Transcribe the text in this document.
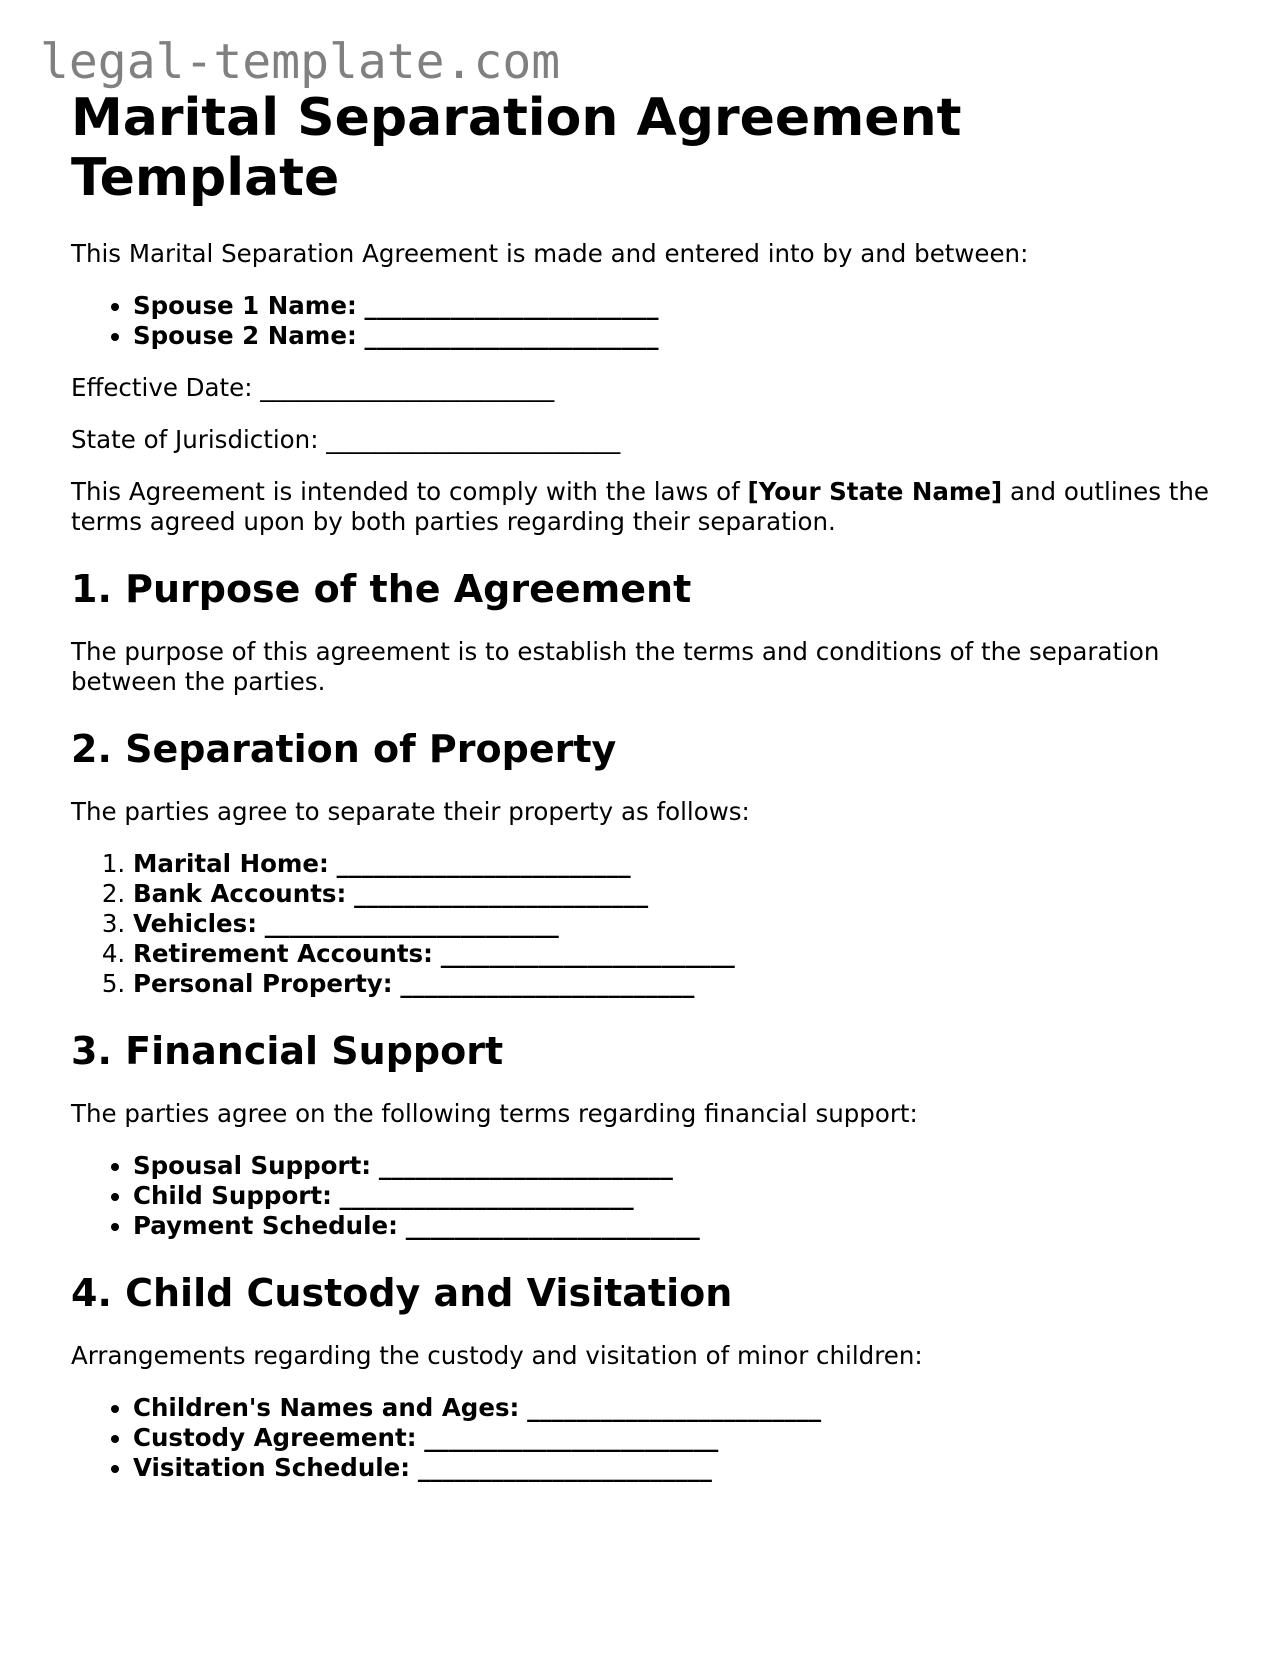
legal-template.com
Marital Separation Agreement Template

This Marital Separation Agreement is made and entered into by and between:

• Spouse 1 Name: ________________________
• Spouse 2 Name: ________________________

Effective Date: ________________________

State of Jurisdiction: ________________________

This Agreement is intended to comply with the laws of [Your State Name] and outlines the terms agreed upon by both parties regarding their separation.

1. Purpose of the Agreement

The purpose of this agreement is to establish the terms and conditions of the separation between the parties.

2. Separation of Property

The parties agree to separate their property as follows:

1. Marital Home: ________________________
2. Bank Accounts: ________________________
3. Vehicles: ________________________
4. Retirement Accounts: ________________________
5. Personal Property: ________________________
3. Financial Support

The parties agree on the following terms regarding financial support:

• Spousal Support: ________________________
• Child Support: ________________________
• Payment Schedule: ________________________
4. Child Custody and Visitation

Arrangements regarding the custody and visitation of minor children:

• Children's Names and Ages: ________________________
• Custody Agreement: ________________________
• Visitation Schedule: ________________________
